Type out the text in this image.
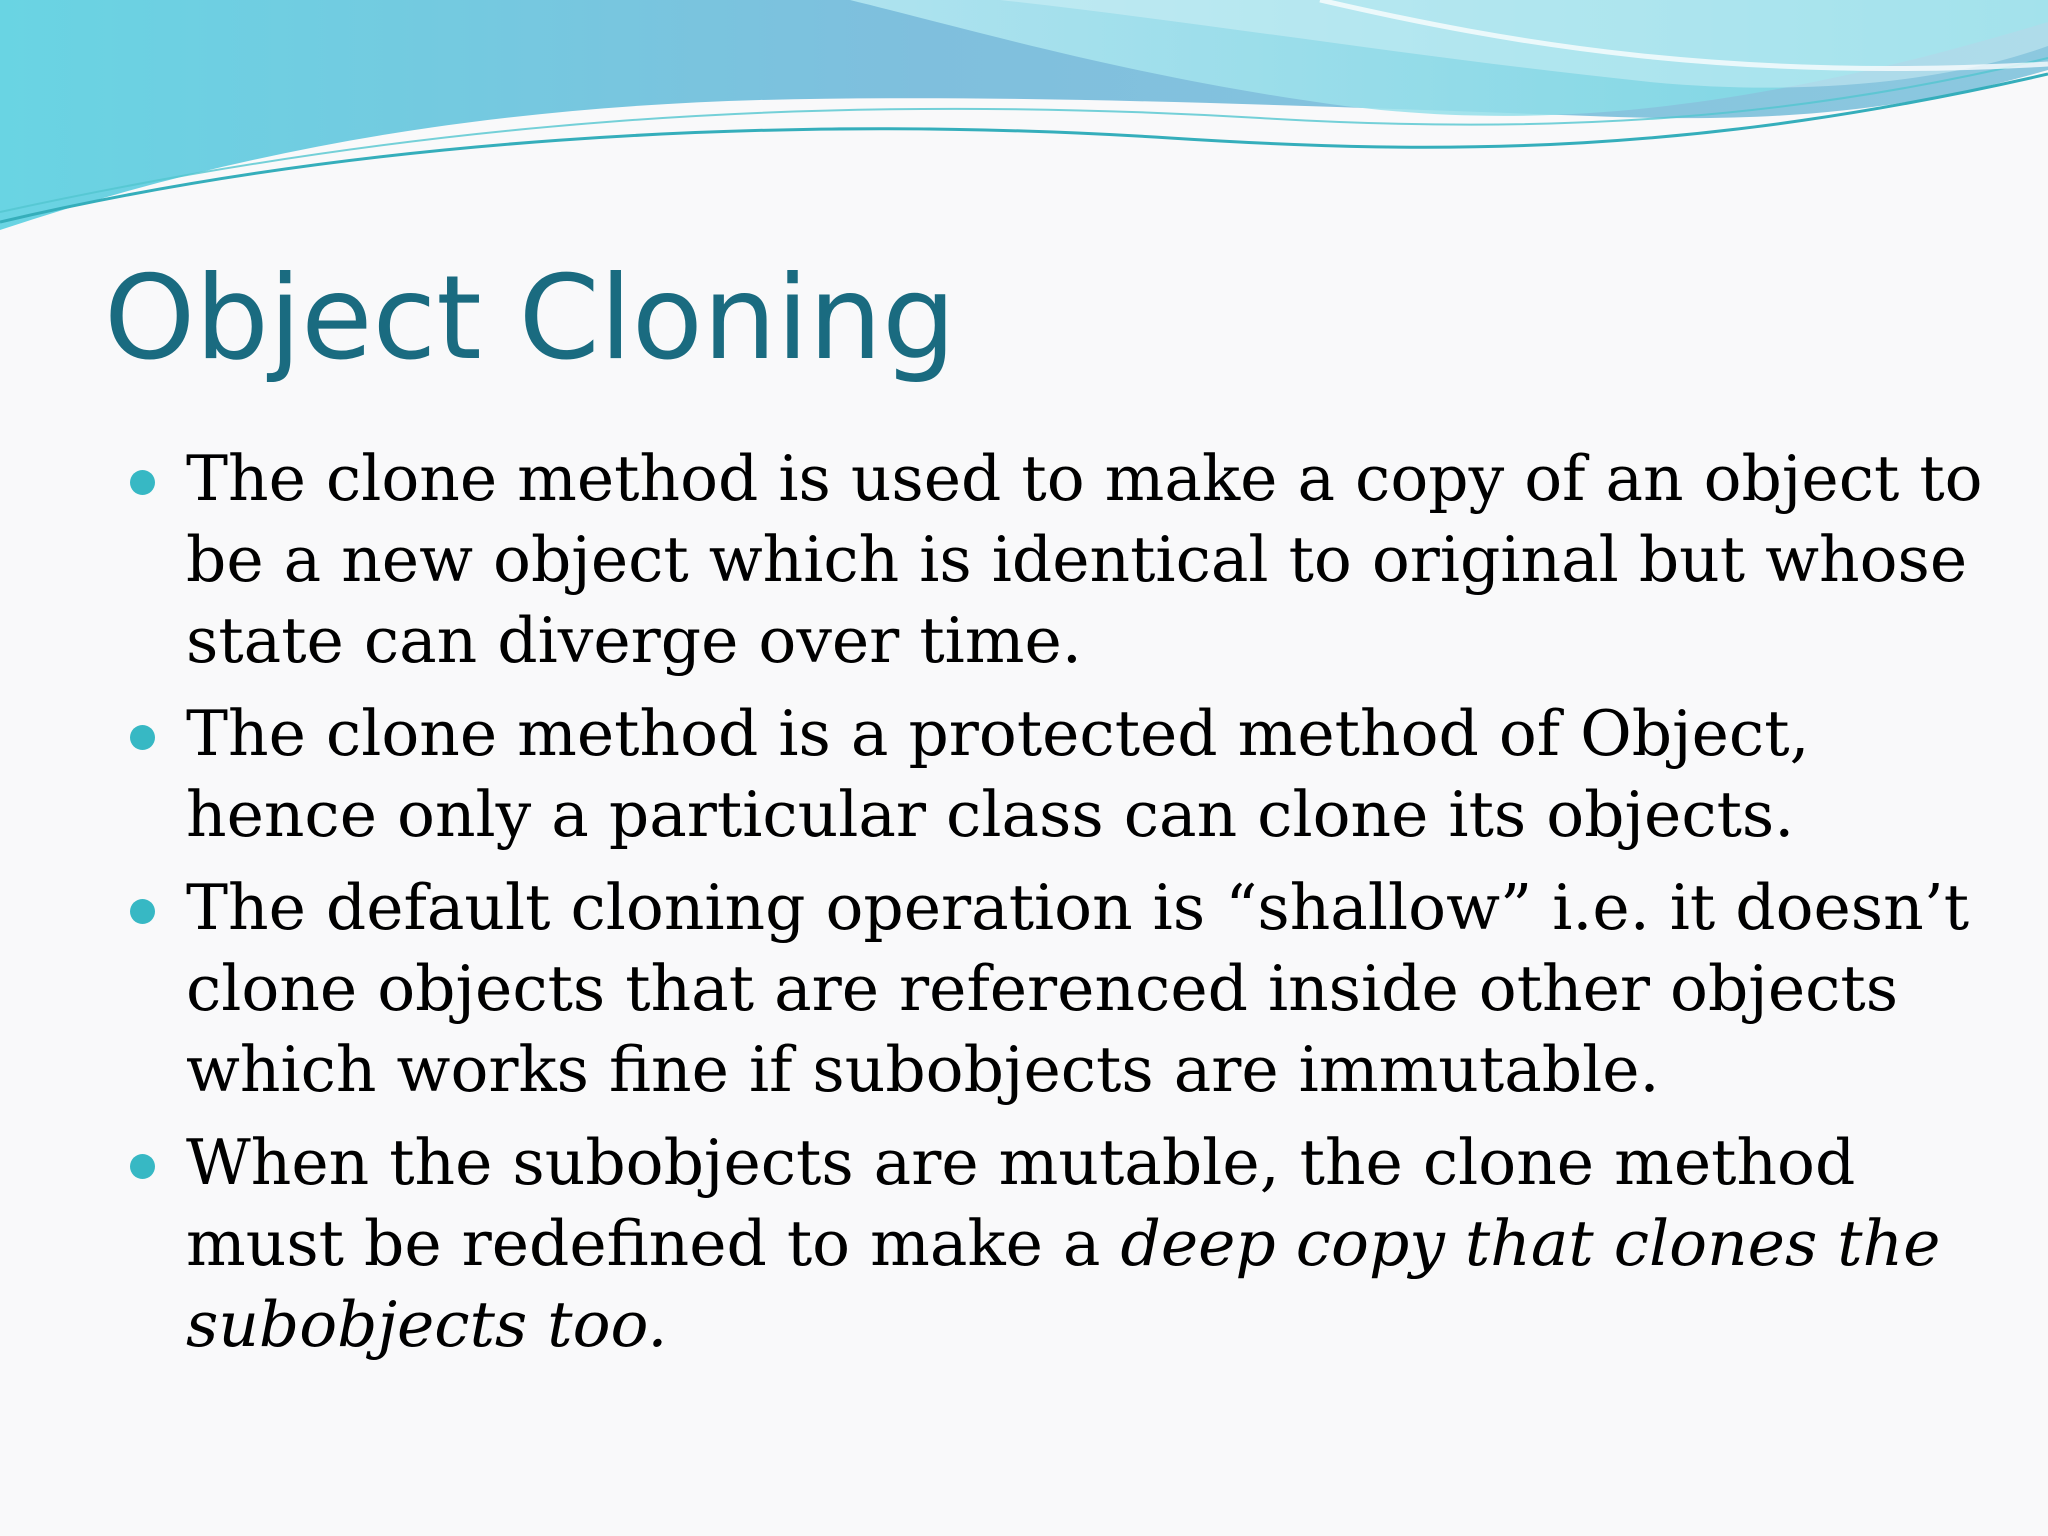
Object Cloning
The clone method is used to make a copy of an object to be a new object which is identical to original but whose state can diverge over time.
The clone method is a protected method of Object, hence only a particular class can clone its objects.
The default cloning operation is “shallow” i.e. it doesn’t clone objects that are referenced inside other objects which works fine if subobjects are immutable.
When the subobjects are mutable, the clone method must be redefined to make a deep copy that clones the subobjects too.
